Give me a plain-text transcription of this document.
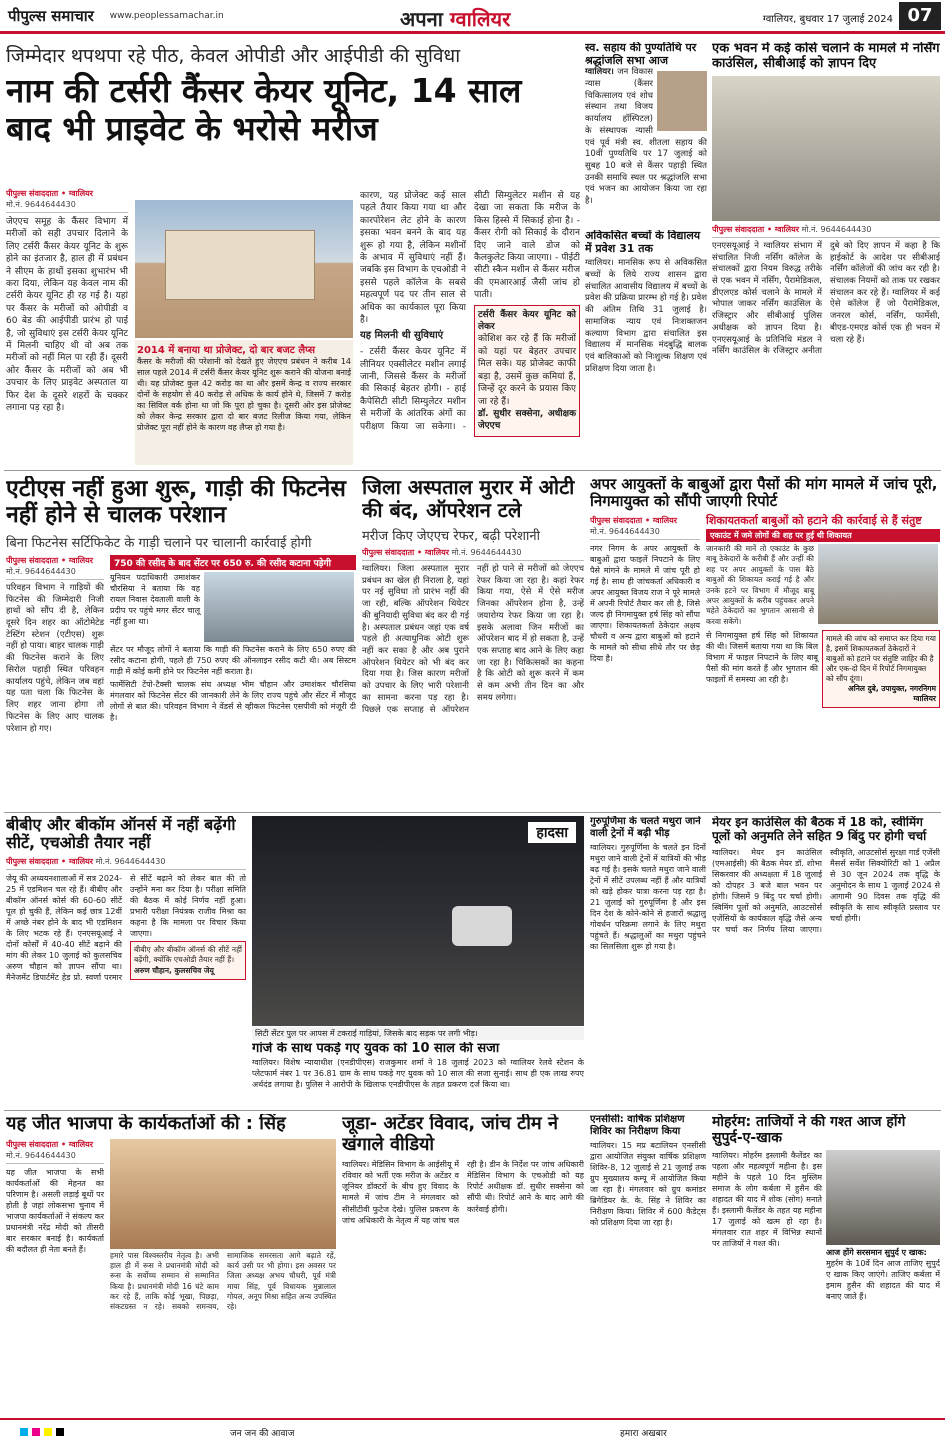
पीपुल्स समाचार www.peoplessamachar.in	अपना ग्वालियर	ग्वालियर, बुधवार 17 जुलाई 2024 07
जिम्मेदार थपथपा रहे पीठ, केवल ओपीडी और आईपीडी की सुविधा
नाम की टर्सरी कैंसर केयर यूनिट, 14 साल बाद भी प्राइवेट के भरोसे मरीज
पीपुल्स संवाददाता • ग्वालियर
मो.नं. 9644644430
जेएएच समूह के कैंसर विभाग में मरीजों को सही उपचार दिलाने के लिए टर्सरी कैंसर केयर यूनिट के शुरू होने का इंतजार है, हाल ही में प्रबंधन ने सीएम के हाथों इसका शुभारंभ भी करा दिया, लेकिन यह केवल नाम की टर्सरी केयर यूनिट ही रह गई है। यहां पर कैंसर के मरीजों को ओपीडी व 60 बेड की आईपीडी प्रारंभ हो पाई है, जो सुविधाएं इस टर्सरी केयर यूनिट में मिलनी चाहिए थी वो अब तक मरीजों को नहीं मिल पा रही हैं। दूसरी ओर कैंसर के मरीजों को अब भी उपचार के लिए प्राइवेट अस्पताल या फिर देश के दूसरे शहरों के चक्कर लगाना पड़ रहा है।
2014 में बनाया था प्रोजेक्ट, दो बार बजट लैप्स
कैंसर के मरीजों की परेशानी को देखते हुए जेएएच प्रबंधन ने करीब 14 साल पहले 2014 में टर्सरी कैंसर केयर यूनिट शुरू कराने की योजना बनाई थी। यह प्रोजेक्ट कुल 42 करोड़ का था और इसमें केन्द्र व राज्य सरकार दोनों के सहयोग से 40 करोड़ से अधिक के कार्य होने थे, जिसमें 7 करोड़ का सिविल वर्क होना था जो कि पूरा हो चुका है। दूसरी ओर इस प्रोजेक्ट को लेकर केन्द्र सरकार द्वारा दो बार बजट रिलीज किया गया, लेकिन प्रोजेक्ट पूरा नहीं होने के कारण वह लैप्स हो गया है।
कारण, यह प्रोजेक्ट कई साल पहले तैयार किया गया था और कारपोरेशन लेट होने के कारण इसका भवन बनने के बाद यह शुरू हो गया है, लेकिन मशीनों के अभाव में सुविधाएं नहीं हैं। जबकि इस विभाग के एचओडी ने इससे पहले कॉलेज के सबसे महत्वपूर्ण पद पर तीन साल से अधिक का कार्यकाल पूरा किया है।
यह मिलनी थी सुविधाएं
- टर्सरी कैंसर केयर यूनिट में लीनियर एक्सीलेटर मशीन लगाई जानी, जिससे कैंसर के मरीजों की सिकाई बेहतर होगी। - हाई कैपेसिटी सीटी सिम्युलेटर मशीन से मरीजों के आंतरिक अंगों का परीक्षण किया जा सकेगा। - सीटी सिम्युलेटर मशीन से यह देखा जा सकता कि मरीज के किस हिस्से में सिकाई होना है। - कैंसर रोगी को सिकाई के दौरान दिए जाने वाले डोज को कैलकुलेट किया जाएगा। - पीईटी सीटी स्कैन मशीन से कैंसर मरीज की एमआरआई जैसी जांच हो पाती।
टर्सरी कैंसर केयर यूनिट को लेकर
कोशिश कर रहे हैं कि मरीजों को यहां पर बेहतर उपचार मिल सके। यह प्रोजेक्ट काफी बड़ा है, उसमें कुछ कमियां हैं, जिन्हें दूर करने के प्रयास किए जा रहे हैं।
डॉ. सुधीर सक्सेना, अधीक्षक जेएएच
स्व. सहाय की पुण्यतिथि पर श्रद्धांजलि सभा आज
ग्वालियर। जन विकास न्यास (कैंसर चिकित्सालय एवं शोध संस्थान तथा विजय कार्यालय हॉस्पिटल) के संस्थापक न्यासी एवं पूर्व मंत्री स्व. शीतला सहाय की 10वीं पुण्यतिथि पर 17 जुलाई को सुबह 10 बजे से कैंसर पहाड़ी स्थित उनकी समाधि स्थल पर श्रद्धांजलि सभा एवं भजन का आयोजन किया जा रहा है।
अविकसित बच्चों के विद्यालय में प्रवेश 31 तक
ग्वालियर। मानसिक रूप से अविकसित बच्चों के लिये राज्य शासन द्वारा संचालित आवासीय विद्यालय में बच्चों के प्रवेश की प्रक्रिया प्रारम्भ हो गई है। प्रवेश की अंतिम तिथि 31 जुलाई है। सामाजिक न्याय एवं निःशक्तजन कल्याण विभाग द्वारा संचालित इस विद्यालय में मानसिक मंदबुद्धि बालक एवं बालिकाओं को निःशुल्क शिक्षण एवं प्रशिक्षण दिया जाता है।
एक भवन में कई कोर्स चलाने के मामले में नर्सिंग काउंसिल, सीबीआई को ज्ञापन दिए
पीपुल्स संवाददाता • ग्वालियर मो.नं. 9644644430
एनएसयूआई ने ग्वालियर संभाग में संचालित निजी नर्सिंग कॉलेज के संचालकों द्वारा नियम विरुद्ध तरीके से एक भवन में नर्सिंग, पैरामेडिकल, डीएलएड कोर्स चलाने के मामले में भोपाल जाकर नर्सिंग काउंसिल के रजिस्ट्रार और सीबीआई पुलिस अधीक्षक को ज्ञापन दिया है। एनएसयूआई के प्रतिनिधि मंडल ने नर्सिंग काउंसिल के रजिस्ट्रार अनीता दुबे को दिए ज्ञापन में कहा है कि हाईकोर्ट के आदेश पर सीबीआई नर्सिंग कॉलेजों की जांच कर रही है। संचालक नियमों को ताक पर रखकर संचालन कर रहे हैं। ग्वालियर में कई ऐसे कॉलेज हैं जो पैरामेडिकल, जनरल कोर्स, नर्सिंग, फार्मेसी, बीएड-एमएड कोर्स एक ही भवन में चला रहे हैं।
एटीएस नहीं हुआ शुरू, गाड़ी की फिटनेस नहीं होने से चालक परेशान
बिना फिटनेस सर्टिफिकेट के गाड़ी चलाने पर चालानी कार्रवाई होगी
पीपुल्स संवाददाता • ग्वालियर
मो.नं. 9644644430
परिवहन विभाग ने गाड़ियों की फिटनेस की जिम्मेदारी निजी हाथों को सौंप दी है, लेकिन दूसरे दिन शहर का ऑटोमेटेड टेस्टिंग स्टेशन (एटीएस) शुरू नहीं हो पाया। बाहर चालक गाड़ी की फिटनेस कराने के लिए सिरोल पहाड़ी स्थित परिवहन कार्यालय पहुंचे, लेकिन जब वहां यह पता चला कि फिटनेस के लिए शहर जाना होगा तो फिटनेस के लिए आए चालक परेशान हो गए।
750 की रसीद के बाद सेंटर पर 650 रु. की रसीद कटाना पड़ेगी
यूनियन पदाधिकारी उमाशंकर चौरसिया ने बताया कि वह रायल निवास देवताली वाली के प्रदीप पर पहुंचे मगर सेंटर चालू नहीं हुआ था।
सेंटर पर मौजूद लोगों ने बताया कि गाड़ी की फिटनेस कराने के लिए 650 रुपए की रसीद कटाना होगी, पहले ही 750 रुपए की ऑनलाइन रसीद कटी थी। अब सिस्टम गाड़ी में कोई कमी होने पर फिटनेस नहीं कराता है।
फार्मेसिटी टेंपो-टैक्सी चालक संघ अध्यक्ष भीम चौहान और उमाशंकर चौरसिया मंगलवार को फिटनेस सेंटर की जानकारी लेने के लिए राज्य पहुंचे और सेंटर में मौजूद लोगों से बात की। परिवहन विभाग ने वेंडर्स से व्हीकल फिटनेस एसपीवी को मंजूरी दी है।
जिला अस्पताल मुरार में ओटी की बंद, ऑपरेशन टले
मरीज किए जेएएच रेफर, बढ़ी परेशानी
पीपुल्स संवाददाता • ग्वालियर मो.नं. 9644644430
ग्वालियर। जिला अस्पताल मुरार प्रबंधन का खेल ही निराला है, यहां पर नई सुविधा तो प्रारंभ नहीं की जा रही, बल्कि ऑपरेशन थियेटर की बुनियादी सुविधा बंद कर दी गई है। अस्पताल प्रबंधन जहां एक वर्ष पहले ही अत्याधुनिक ओटी शुरू नहीं कर सका है और अब पुराने ऑपरेशन थियेटर को भी बंद कर दिया गया है। जिस कारण मरीजों को उपचार के लिए भारी परेशानी का सामना करना पड़ रहा है। पिछले एक सप्ताह से ऑपरेशन नहीं हो पाने से मरीजों को जेएएच रेफर किया जा रहा है। कहां रेफर किया गया, ऐसे में ऐसे मरीज जिनका ऑपरेशन होना है, उन्हें जयारोग्य रेफर किया जा रहा है। इसके अलावा जिन मरीजों का ऑपरेशन बाद में हो सकता है, उन्हें एक सप्ताह बाद आने के लिए कहा जा रहा है। चिकित्सकों का कहना है कि ओटी को शुरू करने में कम से कम अभी तीन दिन का और समय लगेगा।
अपर आयुक्तों के बाबुओं द्वारा पैसों की मांग मामले में जांच पूरी, निगमायुक्त को सौंपी जाएगी रिपोर्ट
पीपुल्स संवाददाता • ग्वालियर
मो.नं. 9644644430
नगर निगम के अपर आयुक्तों के बाबुओं द्वारा फाइलें निपटाने के लिए पैसे मांगने के मामले में जांच पूरी हो गई है। साथ ही जांचकर्ता अधिकारी व अपर आयुक्त विजय राज ने पूरे मामले में अपनी रिपोर्ट तैयार कर ली है, जिसे जल्द ही निगमायुक्त हर्ष सिंह को सौंपा जाएगा। शिकायतकर्ता ठेकेदार अक्षय चौधरी व अन्य द्वारा बाबुओं को हटाने के मामले को सीधा सीधे तौर पर छेड़ दिया है।
शिकायतकर्ता बाबुओं को हटाने की कार्रवाई से हैं संतुष्ट
एकाउंट में जमे लोगों की शह पर हुई थी शिकायत
जानकारी की मानें तो एकाउंट के कुछ बाबू ठेकेदारों के करीबी हैं और उन्हीं की शह पर अपर आयुक्तों के पास बैठे बाबुओं की शिकायत कराई गई है और उनके हटने पर विभाग में मौजूद बाबू अपर आयुक्तों के करीब पहुंचकर अपने चहेते ठेकेदारों का भुगतान आसानी से करवा सकेंगे।
से निगमायुक्त हर्ष सिंह को शिकायत की थी। जिसमें बताया गया था कि बिल विभाग में फाइल निपटाने के लिए बाबू पैसों की मांग करते हैं और भुगतान की फाइलों में समस्या आ रही है।
मामले की जांच को समाप्त कर दिया गया है, इसमें शिकायतकर्ता ठेकेदारों ने बाबुओं को हटाने पर संतुष्टि जाहिर की है और एक-दो दिन में रिपोर्ट निगमायुक्त को सौंप दूंगा।
अनिल दुबे, उपायुक्त, नगरनिगम ग्वालियर
बीबीए और बीकॉम ऑनर्स में नहीं बढ़ेंगी सीटें, एचओडी तैयार नहीं
पीपुल्स संवाददाता • ग्वालियर मो.नं. 9644644430
जेयू की अध्ययनशालाओं में सत्र 2024-25 में एडमिशन चल रहे हैं। बीबीए और बीकॉम ऑनर्स कोर्स की 60-60 सीटें पूल हो चुकी हैं, लेकिन कई छात्र 12वीं में अच्छे नंबर होने के बाद भी एडमिशन के लिए भटक रहे हैं। एनएसयूआई ने दोनों कोर्सों में 40-40 सीटें बढ़ाने की मांग की लेकर 10 जुलाई को कुलसचिव अरुण चौहान को ज्ञापन सौंपा था। मैनेजमेंट डिपार्टमेंट हेड प्रो. स्वर्णा परमार से सीटें बढ़ाने को लेकर बात की तो उन्होंने मना कर दिया है। परीक्षा समिति की बैठक में कोई निर्णय नहीं हुआ। प्रभारी परीक्षा नियंत्रक राजीव मिश्रा का कहना है कि मामला पर विचार किया जाएगा।
बीबीए और बीकॉम ऑनर्स की सीटें नहीं बढ़ेंगी, क्योंकि एचओडी तैयार नहीं हैं।
अरुण चौहान, कुलसचिव जेयू
हादसा
सिटी सेंटर पुल पर आपस में टकराई गाड़ियां, जिसके बाद सड़क पर लगी भीड़।
गांजे के साथ पकड़े गए युवक को 10 साल की सजा
ग्वालियर। विशेष न्यायाधीश (एनडीपीएस) राजकुमार शर्मा ने 18 जुलाई 2023 को ग्वालियर रेलवे स्टेशन के प्लेटफार्म नंबर 1 पर 36.81 ग्राम के साथ पकड़े गए युवक को 10 साल की सजा सुनाई। साथ ही एक लाख रुपए अर्थदंड लगाया है। पुलिस ने आरोपी के खिलाफ एनडीपीएस के तहत प्रकरण दर्ज किया था।
गुरुपूर्णिमा के चलते मथुरा जाने वाली ट्रेनों में बढ़ी भीड़
ग्वालियर। गुरुपूर्णिमा के चलते इन दिनों मथुरा जाने वाली ट्रेनों में यात्रियों की भीड़ बढ़ गई है। इसके चलते मथुरा जाने वाली ट्रेनों में सीटें उपलब्ध नहीं हैं और यात्रियों को खड़े होकर यात्रा करना पड़ रहा है। 21 जुलाई को गुरुपूर्णिमा है और इस दिन देश के कोने-कोने से हजारों श्रद्धालु गोवर्धन परिक्रमा लगाने के लिए मथुरा पहुंचते हैं। श्रद्धालुओं का मथुरा पहुंचने का सिलसिला शुरू हो गया है।
मेयर इन काउंसिल की बैठक में 18 को, स्वीमिंग पूलों को अनुमति लेने सहित 9 बिंदु पर होगी चर्चा
ग्वालियर। मेयर इन काउंसिल (एमआईसी) की बैठक मेयर डॉ. शोभा सिकरवार की अध्यक्षता में 18 जुलाई को दोपहर 3 बजे बाल भवन पर होगी। जिसमें 9 बिंदु पर चर्चा होगी। स्विमिंग पूलों को अनुमति, आउटसोर्स एजेंसियों के कार्यकाल वृद्धि जैसे अन्य पर चर्चा कर निर्णय लिया जाएगा। स्वीकृति, आउटसोर्स सुरक्षा गार्ड एजेंसी मैसर्स सर्वेश सिक्योरिटी को 1 अप्रैल से 30 जून 2024 तक वृद्धि के अनुमोदन के साथ 1 जुलाई 2024 से आगामी 90 दिवस तक वृद्धि की स्वीकृति के साथ स्वीकृति प्रस्ताव पर चर्चा होगी।
यह जीत भाजपा के कार्यकर्ताओं की : सिंह
पीपुल्स संवाददाता • ग्वालियर
मो.नं. 9644644430
यह जीत भाजपा के सभी कार्यकर्ताओं की मेहनत का परिणाम है। असली लड़ाई बूथों पर होती है जहां लोकसभा चुनाव में भाजपा कार्यकर्ताओं ने संकल्प कर प्रधानमंत्री नरेंद्र मोदी को तीसरी बार सरकार बनाई है। कार्यकर्ता की बदौलत ही नेता बनते हैं।
हमारे पास विश्वस्तरीय नेतृत्व है। अभी हाल ही में रूस ने प्रधानमंत्री मोदी को रूस के सर्वोच्च सम्मान से सम्मानित किया है। प्रधानमंत्री मोदी 16 घंटे काम कर रहे हैं, ताकि कोई भूखा, पिछड़ा, संकटग्रस्त न रहे। सबको समन्वय, सामाजिक समरसता आगे बढ़ाते रहें, कार्य उसी पर भी होगा। इस अवसर पर जिला अध्यक्ष अभय चौधरी, पूर्व मंत्री माया सिंह, पूर्व विधायक मुन्नालाल गोयल, अनूप मिश्रा सहित अन्य उपस्थित रहे।
जूडा- अटेंडर विवाद, जांच टीम ने खंगाले वीडियो
ग्वालियर। मेडिसिन विभाग के आईसीयू में रविवार को भर्ती एक मरीज के अटेंडर व जूनियर डॉक्टरों के बीच हुए विवाद के मामले में जांच टीम ने मंगलवार को सीसीटीवी फुटेज देखे। पुलिस प्रकरण के जांच अधिकारी के नेतृत्व में यह जांच चल रही है। डीन के निर्देश पर जांच अधिकारी मेडिसिन विभाग के एचओडी को यह रिपोर्ट अधीक्षक डॉ. सुधीर सक्सेना को सौंपी थी। रिपोर्ट आने के बाद आगे की कार्रवाई होगी।
एनसीसी: वार्षिक प्रशिक्षण शिविर का निरीक्षण किया
ग्वालियर। 15 मप्र बटालियन एनसीसी द्वारा आयोजित संयुक्त वार्षिक प्रशिक्षण शिविर-8, 12 जुलाई से 21 जुलाई तक ग्रुप मुख्यालय कम्पू में आयोजित किया जा रहा है। मंगलवार को ग्रुप कमांडर ब्रिगेडियर के. के. सिंह ने शिविर का निरीक्षण किया। शिविर में 600 कैडेट्स को प्रशिक्षण दिया जा रहा है।
मोहर्रम: ताजियों ने की गश्त आज होंगे सुपुर्द-ए-खाक
ग्वालियर। मोहर्रम इस्लामी कैलेंडर का पहला और महत्वपूर्ण महीना है। इस महीने के पहले 10 दिन मुस्लिम समाज के लोग कर्बला में हुसैन की शहादत की याद में शोक (सोग) मनाते हैं। इस्लामी कैलेंडर के तहत यह महीना 17 जुलाई को खत्म हो रहा है। मंगलवार रात शहर में विभिन्न स्थानों पर ताजियों ने गश्त की।
आज होंगे सरसमान सुपुर्द ए खाक:
मुहर्रम के 10वें दिन आज ताजिए सुपुर्द ए खाक किए जाएंगे। ताजिए कर्बला में इमाम हुसैन की शहादत की याद में बनाए जाते हैं।
जन जन की आवाज	हमारा अखबार
